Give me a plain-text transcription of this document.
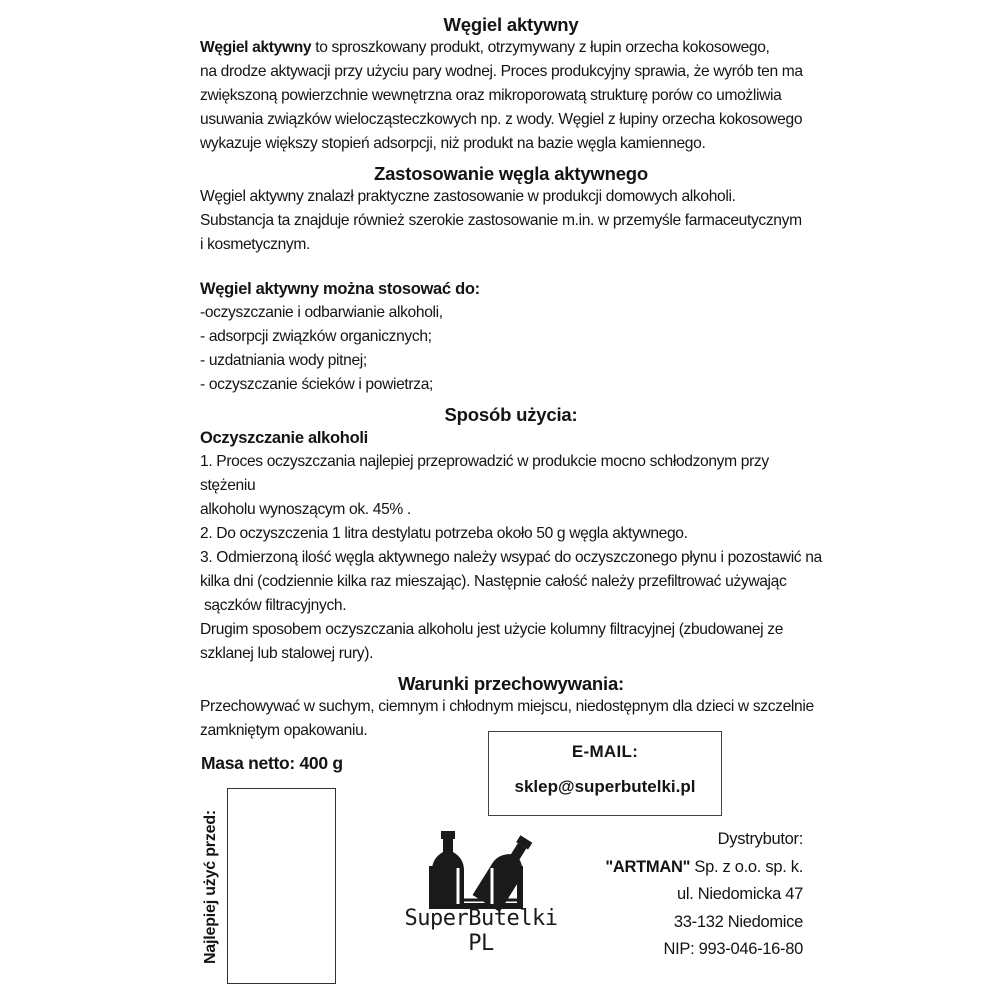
Węgiel aktywny
Węgiel aktywny to sproszkowany produkt, otrzymywany z łupin orzecha kokosowego,
na drodze aktywacji przy użyciu pary wodnej. Proces produkcyjny sprawia, że wyrób ten ma
zwiększoną powierzchnie wewnętrzna oraz mikroporowatą strukturę porów co umożliwia
usuwania związków wielocząsteczkowych np. z wody. Węgiel z łupiny orzecha kokosowego
wykazuje większy stopień adsorpcji, niż produkt na bazie węgla kamiennego.
Zastosowanie węgla aktywnego
Węgiel aktywny znalazł praktyczne zastosowanie w produkcji domowych alkoholi.
Substancja ta znajduje również szerokie zastosowanie m.in. w przemyśle farmaceutycznym
i kosmetycznym.
Węgiel aktywny można stosować do:
-oczyszczanie i odbarwianie alkoholi,
- adsorpcji związków organicznych;
- uzdatniania wody pitnej;
- oczyszczanie ścieków i powietrza;
Sposób użycia:
Oczyszczanie alkoholi
1. Proces oczyszczania najlepiej przeprowadzić w produkcie mocno schłodzonym przy stężeniu
alkoholu wynoszącym ok. 45% .
2. Do oczyszczenia 1 litra destylatu potrzeba około 50 g węgla aktywnego.
3. Odmierzoną ilość węgla aktywnego należy wsypać do oczyszczonego płynu i pozostawić na
kilka dni (codziennie kilka raz mieszając). Następnie całość należy przefiltrować używając
sączków filtracyjnych.
Drugim sposobem oczyszczania alkoholu jest użycie kolumny filtracyjnej (zbudowanej ze
szklanej lub stalowej rury).
Warunki przechowywania:
Przechowywać w suchym, ciemnym i chłodnym miejscu, niedostępnym dla dzieci w szczelnie
zamkniętym opakowaniu.
Masa netto: 400 g
E-MAIL:
sklep@superbutelki.pl
Najlepiej użyć przed:	SuperButelki PL
Dystrybutor:
"ARTMAN" Sp. z o.o. sp. k.
ul. Niedomicka 47
33-132 Niedomice
NIP: 993-046-16-80
